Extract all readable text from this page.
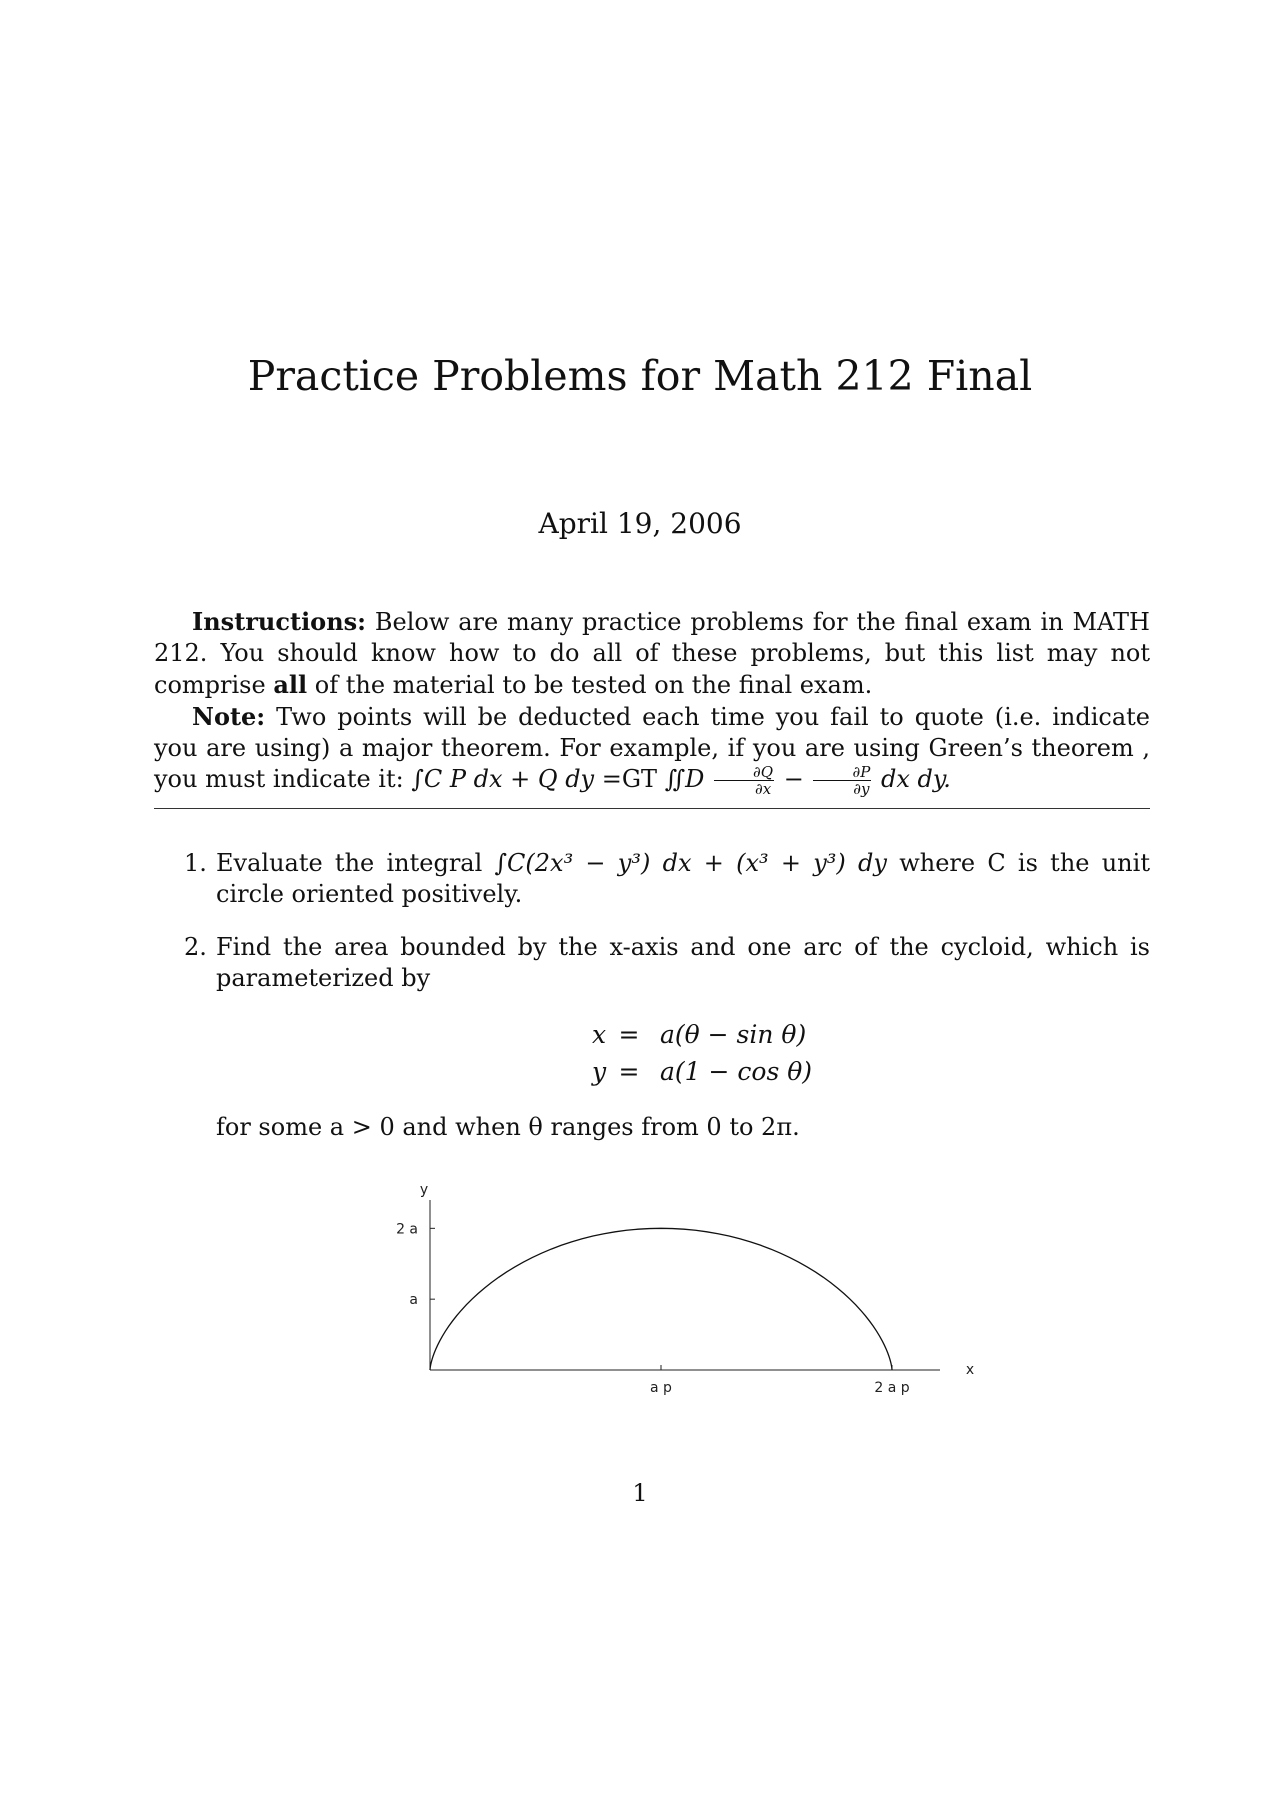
Practice Problems for Math 212 Final
April 19, 2006

Instructions: Below are many practice problems for the final exam in MATH 212. You should know how to do all of these problems, but this list may not comprise all of the material to be tested on the final exam.

Note: Two points will be deducted each time you fail to quote (i.e. indicate you are using) a major theorem. For example, if you are using Green’s theorem , you must indicate it: ∫C P dx + Q dy =GT ∬D $\frac{\partial Q}{\partial x} - \frac{\partial P}{\partial y}$ dx dy.

1. Evaluate the integral ∫C(2x³ − y³) dx + (x³ + y³) dy where C is the unit circle oriented positively.
2. Find the area bounded by the x-axis and one arc of the cycloid, which is parameterized by
x = a(θ − sin θ)
y = a(1 − cos θ)
for some a > 0 and when θ ranges from 0 to 2π.
y
x
a p	2 a p
2 a
a
1
